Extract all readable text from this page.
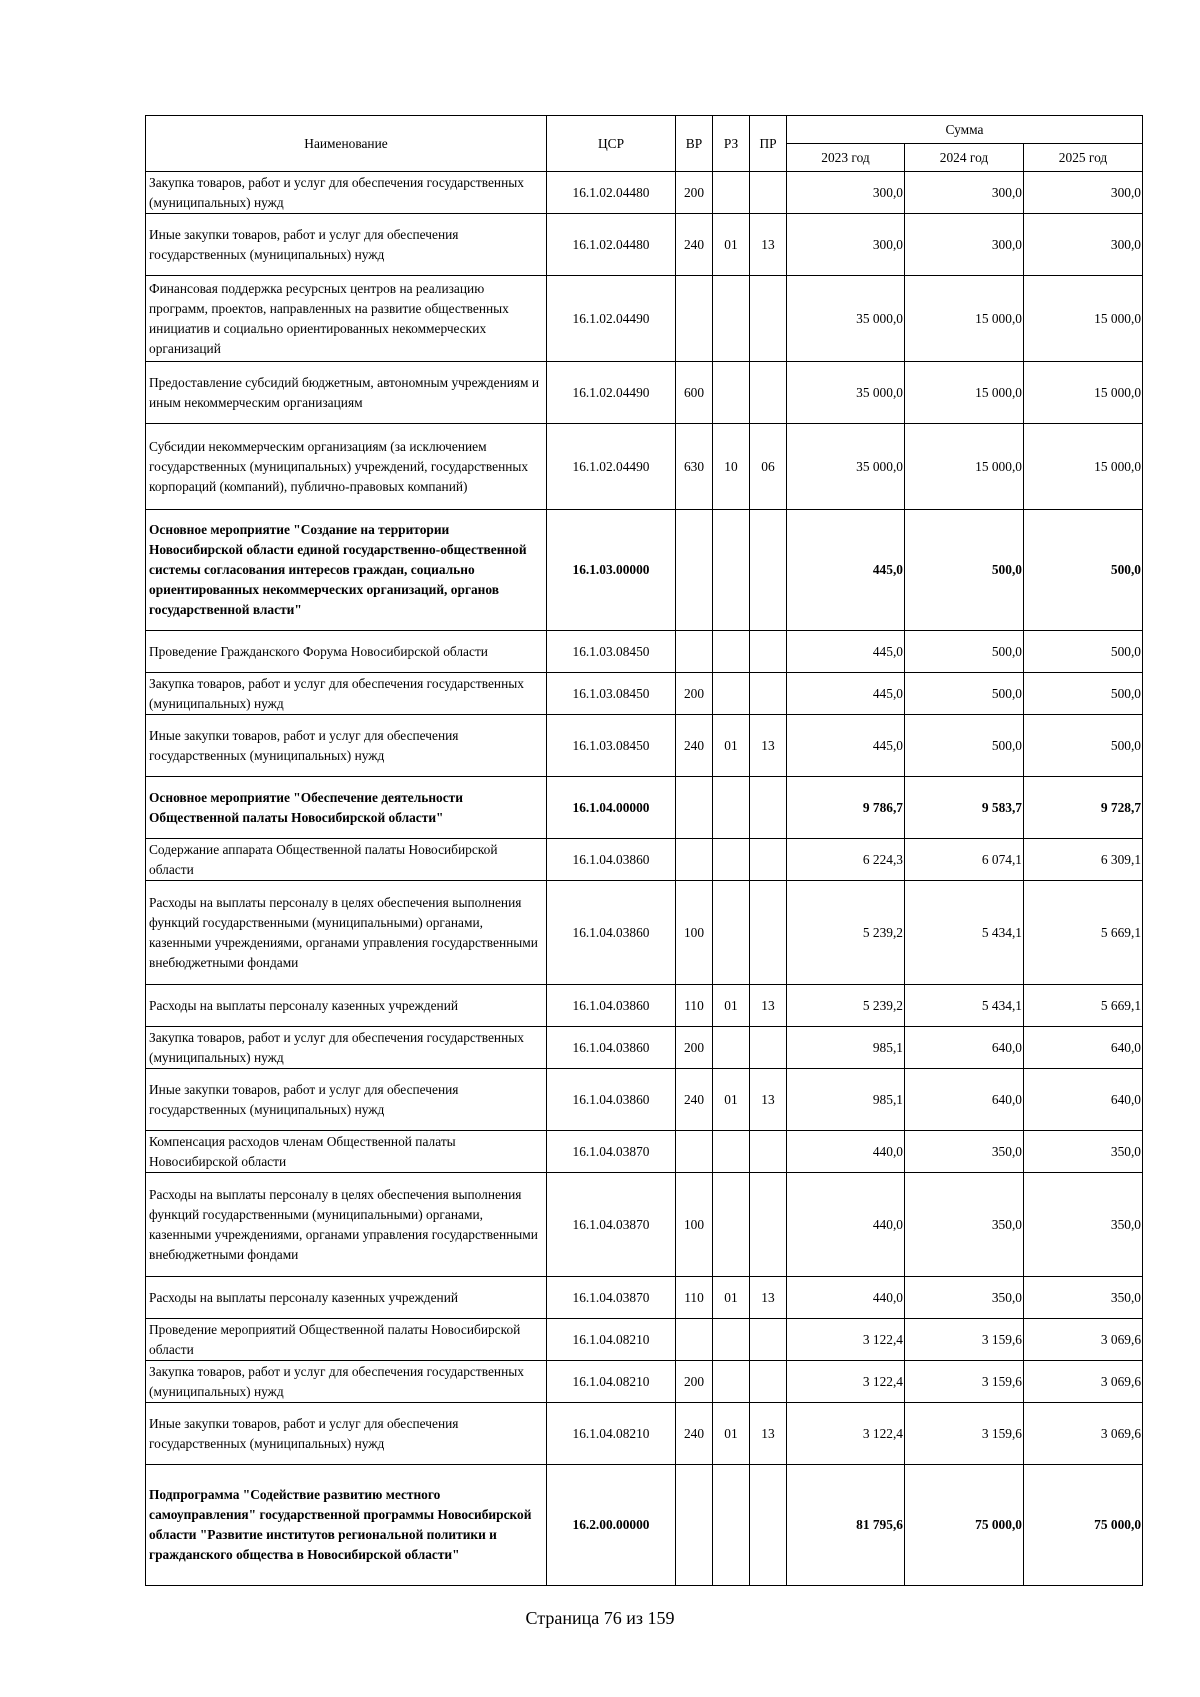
Наименование	ЦСР	ВР	РЗ	ПР	Сумма		
					2023 год	2024 год	2025 год
Закупка товаров, работ и услуг для обеспечения государственных (муниципальных) нужд	16.1.02.04480	200			300,0	300,0	300,0
Иные закупки товаров, работ и услуг для обеспечения государственных (муниципальных) нужд	16.1.02.04480	240	01	13	300,0	300,0	300,0
Финансовая поддержка ресурсных центров на реализацию программ, проектов, направленных на развитие общественных инициатив и социально ориентированных некоммерческих организаций	16.1.02.04490				35 000,0	15 000,0	15 000,0
Предоставление субсидий бюджетным, автономным учреждениям и иным некоммерческим организациям	16.1.02.04490	600			35 000,0	15 000,0	15 000,0
Субсидии некоммерческим организациям (за исключением государственных (муниципальных) учреждений, государственных корпораций (компаний), публично-правовых компаний)	16.1.02.04490	630	10	06	35 000,0	15 000,0	15 000,0
Основное мероприятие "Создание на территории Новосибирской области единой государственно-общественной системы согласования интересов граждан, социально ориентированных некоммерческих организаций, органов государственной власти"	16.1.03.00000				445,0	500,0	500,0
Проведение Гражданского Форума Новосибирской области	16.1.03.08450				445,0	500,0	500,0
Закупка товаров, работ и услуг для обеспечения государственных (муниципальных) нужд	16.1.03.08450	200			445,0	500,0	500,0
Иные закупки товаров, работ и услуг для обеспечения государственных (муниципальных) нужд	16.1.03.08450	240	01	13	445,0	500,0	500,0
Основное мероприятие "Обеспечение деятельности Общественной палаты Новосибирской области"	16.1.04.00000				9 786,7	9 583,7	9 728,7
Содержание аппарата Общественной палаты Новосибирской области	16.1.04.03860				6 224,3	6 074,1	6 309,1
Расходы на выплаты персоналу в целях обеспечения выполнения функций государственными (муниципальными) органами, казенными учреждениями, органами управления государственными внебюджетными фондами	16.1.04.03860	100			5 239,2	5 434,1	5 669,1
Расходы на выплаты персоналу казенных учреждений	16.1.04.03860	110	01	13	5 239,2	5 434,1	5 669,1
Закупка товаров, работ и услуг для обеспечения государственных (муниципальных) нужд	16.1.04.03860	200			985,1	640,0	640,0
Иные закупки товаров, работ и услуг для обеспечения государственных (муниципальных) нужд	16.1.04.03860	240	01	13	985,1	640,0	640,0
Компенсация расходов членам Общественной палаты Новосибирской области	16.1.04.03870				440,0	350,0	350,0
Расходы на выплаты персоналу в целях обеспечения выполнения функций государственными (муниципальными) органами, казенными учреждениями, органами управления государственными внебюджетными фондами	16.1.04.03870	100			440,0	350,0	350,0
Расходы на выплаты персоналу казенных учреждений	16.1.04.03870	110	01	13	440,0	350,0	350,0
Проведение мероприятий Общественной палаты Новосибирской области	16.1.04.08210				3 122,4	3 159,6	3 069,6
Закупка товаров, работ и услуг для обеспечения государственных (муниципальных) нужд	16.1.04.08210	200			3 122,4	3 159,6	3 069,6
Иные закупки товаров, работ и услуг для обеспечения государственных (муниципальных) нужд	16.1.04.08210	240	01	13	3 122,4	3 159,6	3 069,6
Подпрограмма "Содействие развитию местного самоуправления" государственной программы Новосибирской области "Развитие институтов региональной политики и гражданского общества в Новосибирской области"	16.2.00.00000				81 795,6	75 000,0	75 000,0
Страница 76 из 159
